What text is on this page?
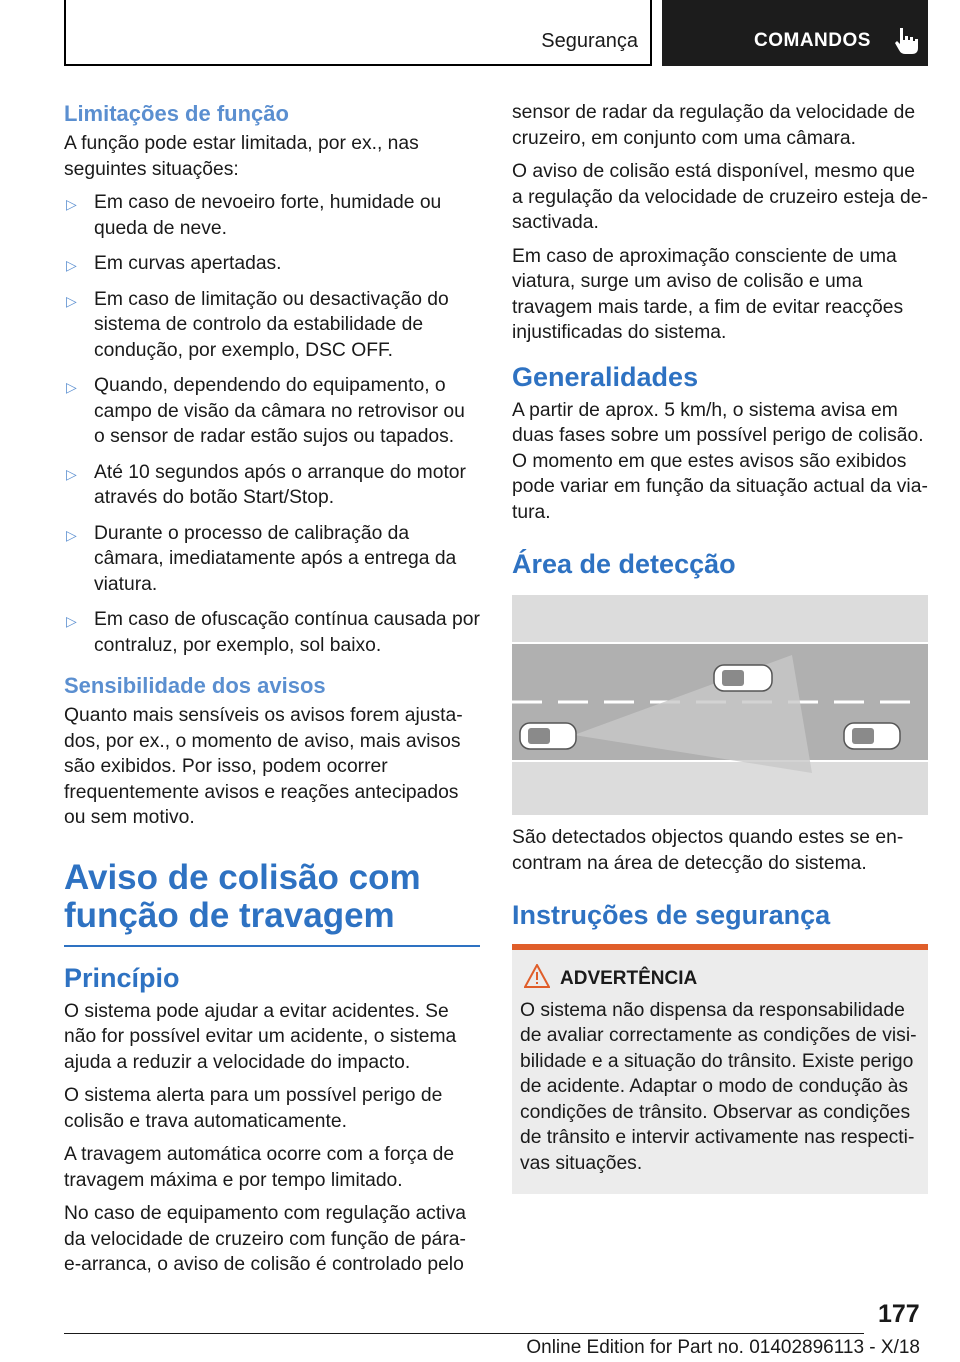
Segurança	COMANDOS
Limitações de função

A função pode estar limitada, por ex., nas seguintes situações:

▷ Em caso de nevoeiro forte, humidade ou queda de neve.
▷ Em curvas apertadas.
▷ Em caso de limitação ou desactivação do sistema de controlo da estabilidade de condução, por exemplo, DSC OFF.
▷ Quando, dependendo do equipamento, o campo de visão da câmara no retrovisor ou o sensor de radar estão sujos ou tapados.
▷ Até 10 segundos após o arranque do motor através do botão Start/Stop.
▷ Durante o processo de calibração da câmara, imediatamente após a entrega da viatura.
▷ Em caso de ofuscação contínua causada por contraluz, por exemplo, sol baixo.
Sensibilidade dos avisos

Quanto mais sensíveis os avisos forem ajustados, por ex., o momento de aviso, mais avisos são exibidos. Por isso, podem ocorrer frequentemente avisos e reações antecipados ou sem motivo.

Aviso de colisão com função de travagem
Princípio

O sistema pode ajudar a evitar acidentes. Se não for possível evitar um acidente, o sistema ajuda a reduzir a velocidade do impacto.

O sistema alerta para um possível perigo de colisão e trava automaticamente.

A travagem automática ocorre com a força de travagem máxima e por tempo limitado.

No caso de equipamento com regulação activa da velocidade de cruzeiro com função de pára-e-arranca, o aviso de colisão é controlado pelo

sensor de radar da regulação da velocidade de cruzeiro, em conjunto com uma câmara.

O aviso de colisão está disponível, mesmo que a regulação da velocidade de cruzeiro esteja desactivada.

Em caso de aproximação consciente de uma viatura, surge um aviso de colisão e uma travagem mais tarde, a fim de evitar reacções injustificadas do sistema.

Generalidades

A partir de aprox. 5 km/h, o sistema avisa em duas fases sobre um possível perigo de colisão. O momento em que estes avisos são exibidos pode variar em função da situação actual da viatura.

Área de detecção

São detectados objectos quando estes se encontram na área de detecção do sistema.

Instruções de segurança
ADVERTÊNCIA

O sistema não dispensa da responsabilidade de avaliar correctamente as condições de visibilidade e a situação do trânsito. Existe perigo de acidente. Adaptar o modo de condução às condições de trânsito. Observar as condições de trânsito e intervir activamente nas respectivas situações.

177
Online Edition for Part no. 01402896113 - X/18
